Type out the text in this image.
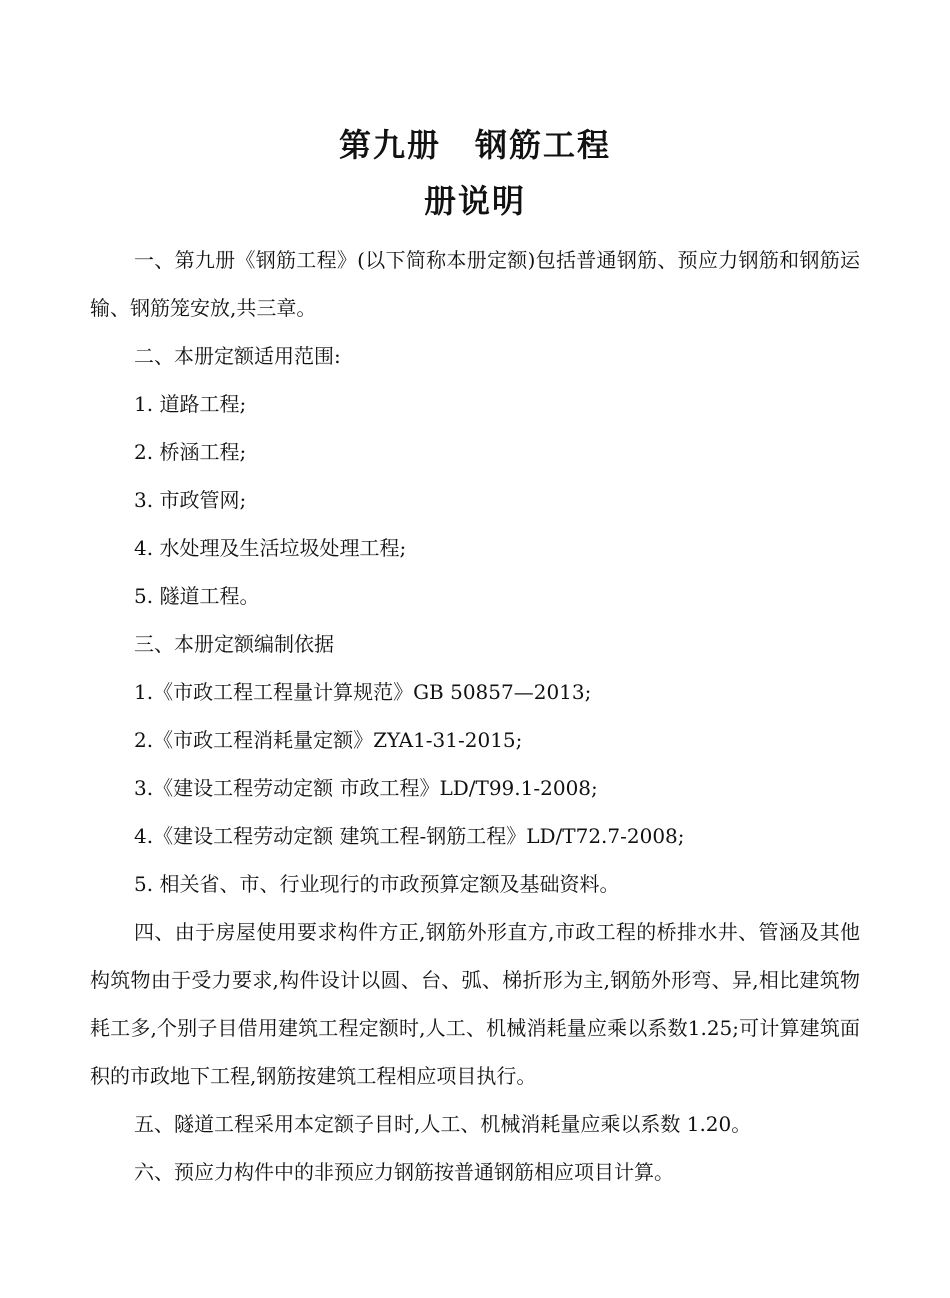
第九册　钢筋工程
册说明

一、第九册《钢筋工程》(以下简称本册定额)包括普通钢筋、预应力钢筋和钢筋运输、钢筋笼安放,共三章。

二、本册定额适用范围:

1. 道路工程;

2. 桥涵工程;

3. 市政管网;

4. 水处理及生活垃圾处理工程;

5. 隧道工程。

三、本册定额编制依据

1.《市政工程工程量计算规范》GB 50857—2013;

2.《市政工程消耗量定额》ZYA1-31-2015;

3.《建设工程劳动定额 市政工程》LD/T99.1-2008;

4.《建设工程劳动定额 建筑工程-钢筋工程》LD/T72.7-2008;

5. 相关省、市、行业现行的市政预算定额及基础资料。

四、由于房屋使用要求构件方正,钢筋外形直方,市政工程的桥排水井、管涵及其他构筑物由于受力要求,构件设计以圆、台、弧、梯折形为主,钢筋外形弯、异,相比建筑物耗工多,个别子目借用建筑工程定额时,人工、机械消耗量应乘以系数1.25;可计算建筑面积的市政地下工程,钢筋按建筑工程相应项目执行。

五、隧道工程采用本定额子目时,人工、机械消耗量应乘以系数 1.20。

六、预应力构件中的非预应力钢筋按普通钢筋相应项目计算。
